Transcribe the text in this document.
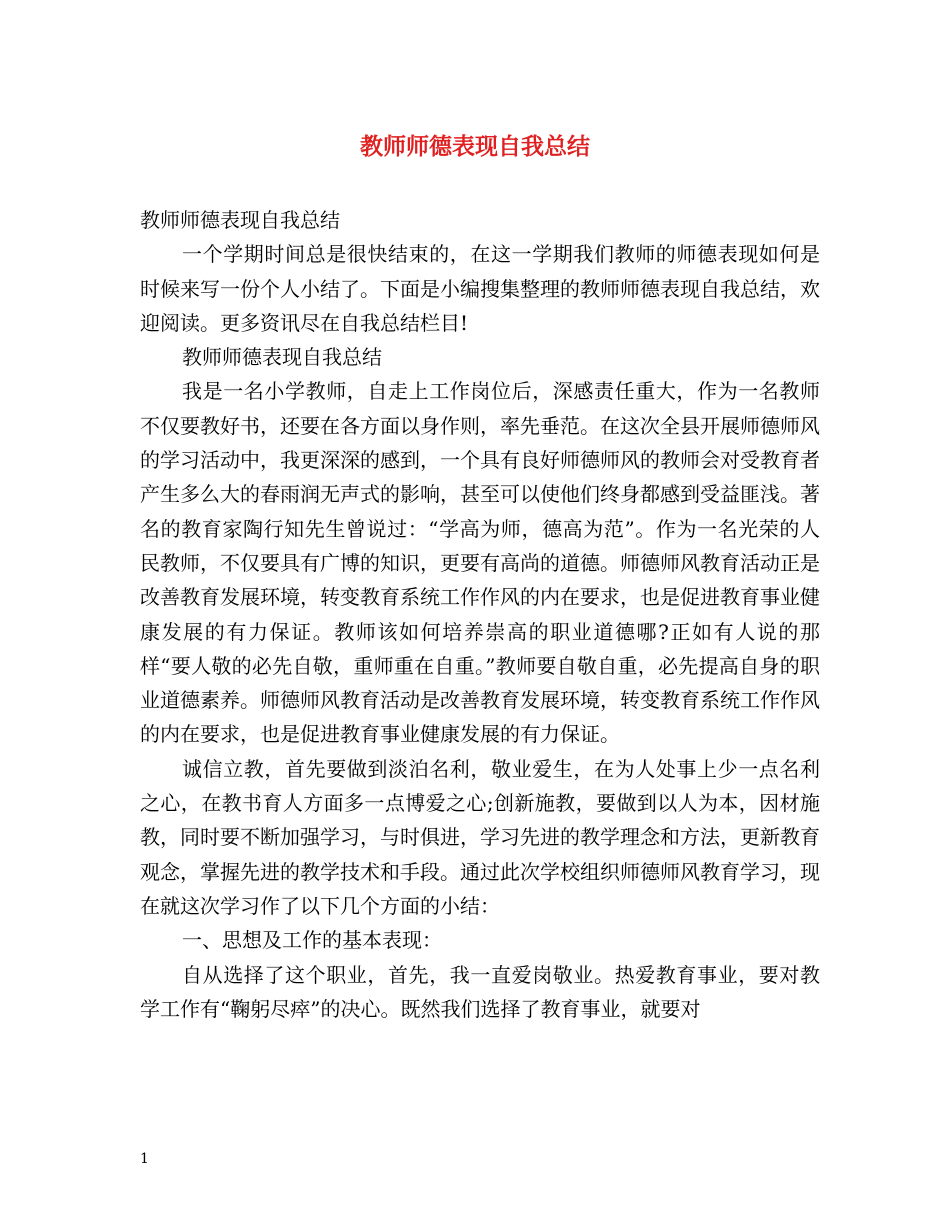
教师师德表现自我总结

教师师德表现自我总结

一个学期时间总是很快结束的，在这一学期我们教师的师德表现如何是时候来写一份个人小结了。下面是小编搜集整理的教师师德表现自我总结，欢迎阅读。更多资讯尽在自我总结栏目!

教师师德表现自我总结

我是一名小学教师，自走上工作岗位后，深感责任重大，作为一名教师不仅要教好书，还要在各方面以身作则，率先垂范。在这次全县开展师德师风的学习活动中，我更深深的感到，一个具有良好师德师风的教师会对受教育者产生多么大的春雨润无声式的影响，甚至可以使他们终身都感到受益匪浅。著名的教育家陶行知先生曾说过：“学高为师，德高为范”。作为一名光荣的人民教师，不仅要具有广博的知识，更要有高尚的道德。师德师风教育活动正是改善教育发展环境，转变教育系统工作作风的内在要求，也是促进教育事业健康发展的有力保证。教师该如何培养崇高的职业道德哪?正如有人说的那样“要人敬的必先自敬，重师重在自重。”教师要自敬自重，必先提高自身的职业道德素养。师德师风教育活动是改善教育发展环境，转变教育系统工作作风的内在要求，也是促进教育事业健康发展的有力保证。

诚信立教，首先要做到淡泊名利，敬业爱生，在为人处事上少一点名利之心，在教书育人方面多一点博爱之心;创新施教，要做到以人为本，因材施教，同时要不断加强学习，与时俱进，学习先进的教学理念和方法，更新教育观念，掌握先进的教学技术和手段。通过此次学校组织师德师风教育学习，现在就这次学习作了以下几个方面的小结：

一、思想及工作的基本表现：

自从选择了这个职业，首先，我一直爱岗敬业。热爱教育事业，要对教学工作有“鞠躬尽瘁”的决心。既然我们选择了教育事业，就要对

1
